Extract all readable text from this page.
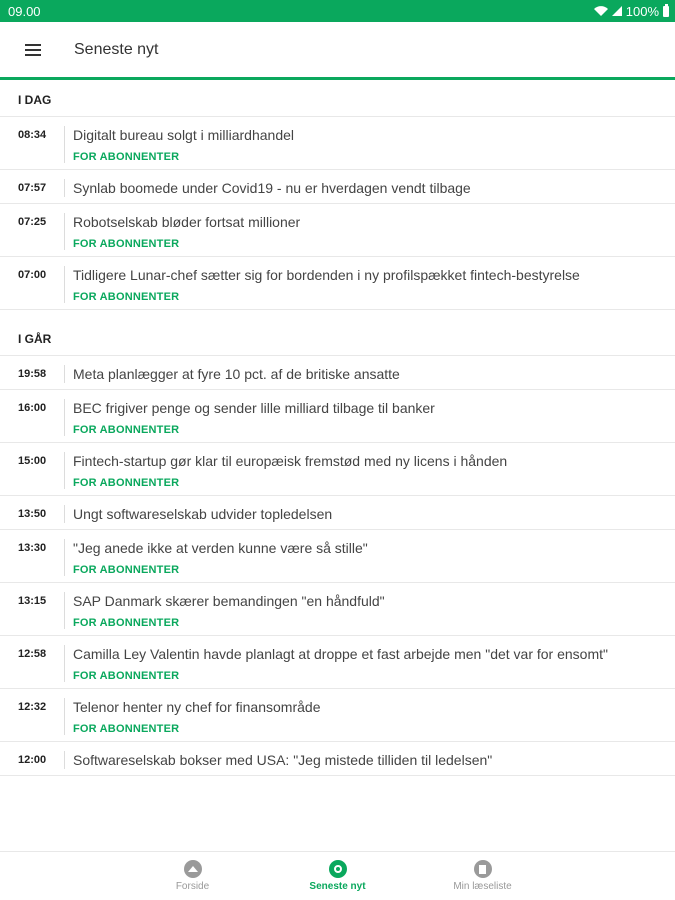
09.00	100%
Seneste nyt
I DAG
08:34	Digitalt bureau solgt i milliardhandel
FOR ABONNENTER
07:57	Synlab boomede under Covid19 - nu er hverdagen vendt tilbage
07:25	Robotselskab bløder fortsat millioner
FOR ABONNENTER
07:00	Tidligere Lunar-chef sætter sig for bordenden i ny profilspækket fintech-bestyrelse
FOR ABONNENTER
I GÅR
19:58	Meta planlægger at fyre 10 pct. af de britiske ansatte
16:00	BEC frigiver penge og sender lille milliard tilbage til banker
FOR ABONNENTER
15:00	Fintech-startup gør klar til europæisk fremstød med ny licens i hånden
FOR ABONNENTER
13:50	Ungt softwareselskab udvider topledelsen
13:30	"Jeg anede ikke at verden kunne være så stille"
FOR ABONNENTER
13:15	SAP Danmark skærer bemandingen "en håndfuld"
FOR ABONNENTER
12:58	Camilla Ley Valentin havde planlagt at droppe et fast arbejde men "det var for ensomt"
FOR ABONNENTER
12:32	Telenor henter ny chef for finansområde
FOR ABONNENTER
12:00	Softwareselskab bokser med USA: "Jeg mistede tilliden til ledelsen"
Forside	Seneste nyt	Min læseliste
